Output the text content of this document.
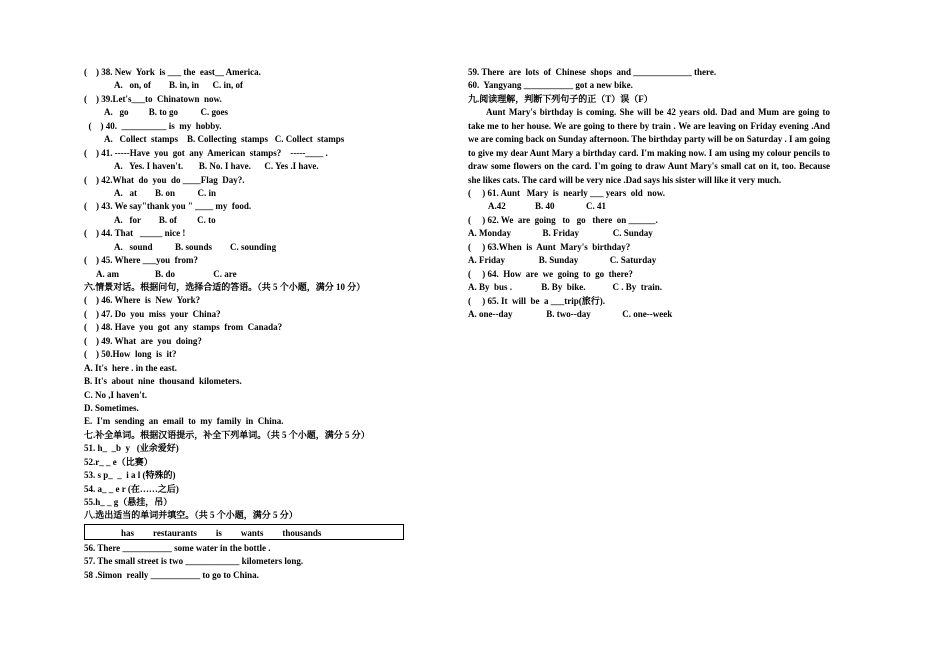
(    ) 38. New  York  is ___ the  east__ America.
A.   on, of        B. in, in      C. in, of
(    ) 39.Let's___to  Chinatown  now.
A.   go         B. to go          C. goes
(    ) 40.  __________ is  my  hobby.
A.   Collect  stamps    B. Collecting  stamps   C. Collect  stamps
(    ) 41. -----Have  you  got  any  American  stamps?    -----____ .
A.   Yes. I haven't.       B. No. I have.      C. Yes .I have.
(    ) 42.What  do  you  do ____Flag  Day?.
A.   at        B. on          C. in
(    ) 43. We say"thank you " ____ my  food.
A.   for        B. of         C. to
(    ) 44. That   _____ nice !
A.   sound          B. sounds        C. sounding
(    ) 45. Where ___you  from?
A. am                B. do                 C. are
六.情景对话。根据问句，选择合适的答语。（共 5 个小题，满分 10 分）
(    ) 46. Where  is  New  York?
(    ) 47. Do  you  miss  your  China?
(    ) 48. Have  you  got  any  stamps  from  Canada?
(    ) 49. What  are  you  doing?
(    ) 50.How  long  is  it?
A. It's  here . in the east.
B. It's  about  nine  thousand  kilometers.
C. No ,I haven't.
D. Sometimes.
E.  I'm  sending  an  email  to  my  family  in  China.
七.补全单词。根据汉语提示，补全下列单词。（共 5 个小题，满分 5 分）
51. h_  _b  y   (业余爱好)
52.r_ _ e（比赛）
53. s p_  _  i a l (特殊的)
54. a_ _ e r (在……之后)
55.h_ _ g（悬挂，吊）
八.选出适当的单词并填空。（共 5 个小题，满分 5 分）
has restaurants is wants thousands
56. There ___________ some water in the bottle .
57. The small street is two ____________ kilometers long.
58 .Simon  really ___________ to go to China.
59. There  are  lots  of  Chinese  shops  and _____________ there.
60.  Yangyang ___________ got a new bike.
九.阅读理解，判断下列句子的正（T）误（F）
Aunt Mary's birthday is coming. She will be 42 years old. Dad and Mum are going to take me to her house. We are going to there by train . We are leaving on Friday evening .And we are coming back on Sunday afternoon. The birthday party will be on Saturday . I am going to give my dear Aunt Mary a birthday card. I'm making now. I am using my colour pencils to draw some flowers on the card. I'm going to draw Aunt Mary's small cat on it, too. Because she likes cats. The card will be very nice .Dad says his sister will like it very much.
(     ) 61. Aunt   Mary  is  nearly ___ years  old  now.
A.42             B. 40              C. 41
(     ) 62. We  are  going   to   go   there  on ______.
A. Monday              B. Friday               C. Sunday
(     ) 63.When  is  Aunt  Mary's  birthday?
A. Friday               B. Sunday              C. Saturday
(     ) 64.  How  are  we  going  to  go  there?
A. By  bus .             B. By  bike.            C . By  train.
(     ) 65. It  will  be  a ___trip(旅行).
A. one--day               B. two--day              C. one--week
